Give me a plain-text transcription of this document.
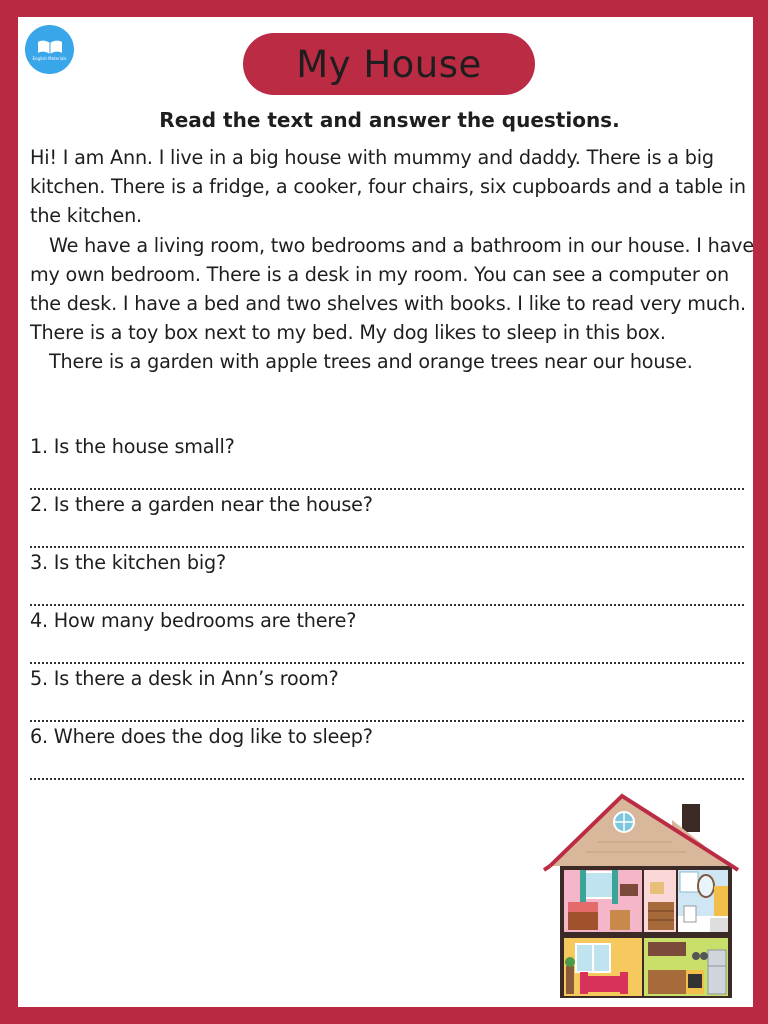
English Materials	My House
Read the text and answer the questions.

Hi! I am Ann. I live in a big house with mummy and daddy. There is a big kitchen. There is a fridge, a cooker, four chairs, six cupboards and a table in the kitchen.

We have a living room, two bedrooms and a bathroom in our house. I have my own bedroom. There is a desk in my room. You can see a computer on the desk. I have a bed and two shelves with books. I like to read very much. There is a toy box next to my bed. My dog likes to sleep in this box.

There is a garden with apple trees and orange trees near our house.

1. Is the house small?
2. Is there a garden near the house?
3. Is the kitchen big?
4. How many bedrooms are there?
5. Is there a desk in Ann’s room?
6. Where does the dog like to sleep?
